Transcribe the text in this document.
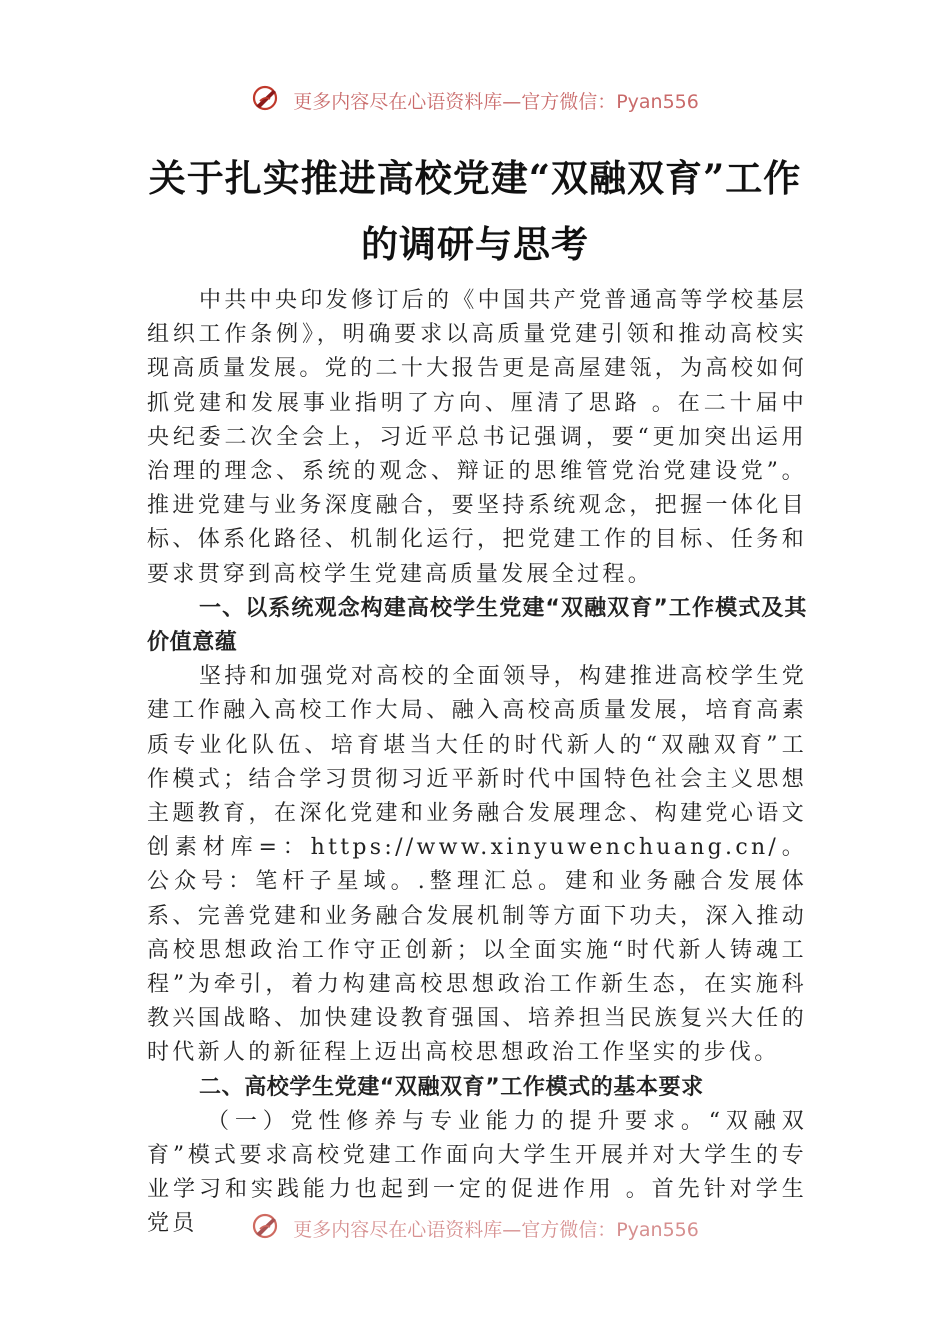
更多内容尽在心语资料库—官方微信：Pyan556
关于扎实推进高校党建“双融双育”工作
的调研与思考

中共中央印发修订后的《中国共产党普通高等学校基层组织工作条例》，明确要求以高质量党建引领和推动高校实现高质量发展。党的二十大报告更是高屋建瓴，为高校如何抓党建和发展事业指明了方向、厘清了思路 。在二十届中央纪委二次全会上，习近平总书记强调，要“更加突出运用治理的理念、系统的观念、辩证的思维管党治党建设党”。推进党建与业务深度融合，要坚持系统观念，把握一体化目标、体系化路径、机制化运行，把党建工作的目标、任务和要求贯穿到高校学生党建高质量发展全过程。

一、以系统观念构建高校学生党建“双融双育”工作模式及其价值意蕴

坚持和加强党对高校的全面领导，构建推进高校学生党建工作融入高校工作大局、融入高校高质量发展，培育高素质专业化队伍、培育堪当大任的时代新人的“双融双育”工作模式；结合学习贯彻习近平新时代中国特色社会主义思想主题教育，在深化党建和业务融合发展理念、构建党心语文创素材库=：https://www.xinyuwenchuang.cn/。公众号：笔杆子星域。.整理汇总。建和业务融合发展体系、完善党建和业务融合发展机制等方面下功夫，深入推动高校思想政治工作守正创新；以全面实施“时代新人铸魂工程”为牵引，着力构建高校思想政治工作新生态，在实施科教兴国战略、加快建设教育强国、培养担当民族复兴大任的时代新人的新征程上迈出高校思想政治工作坚实的步伐。

二、高校学生党建“双融双育”工作模式的基本要求

（一）党性修养与专业能力的提升要求。“双融双育”模式要求高校党建工作面向大学生开展并对大学生的专业学习和实践能力也起到一定的促进作用 。首先针对学生党员	更多内容尽在心语资料库—官方微信：Pyan556
